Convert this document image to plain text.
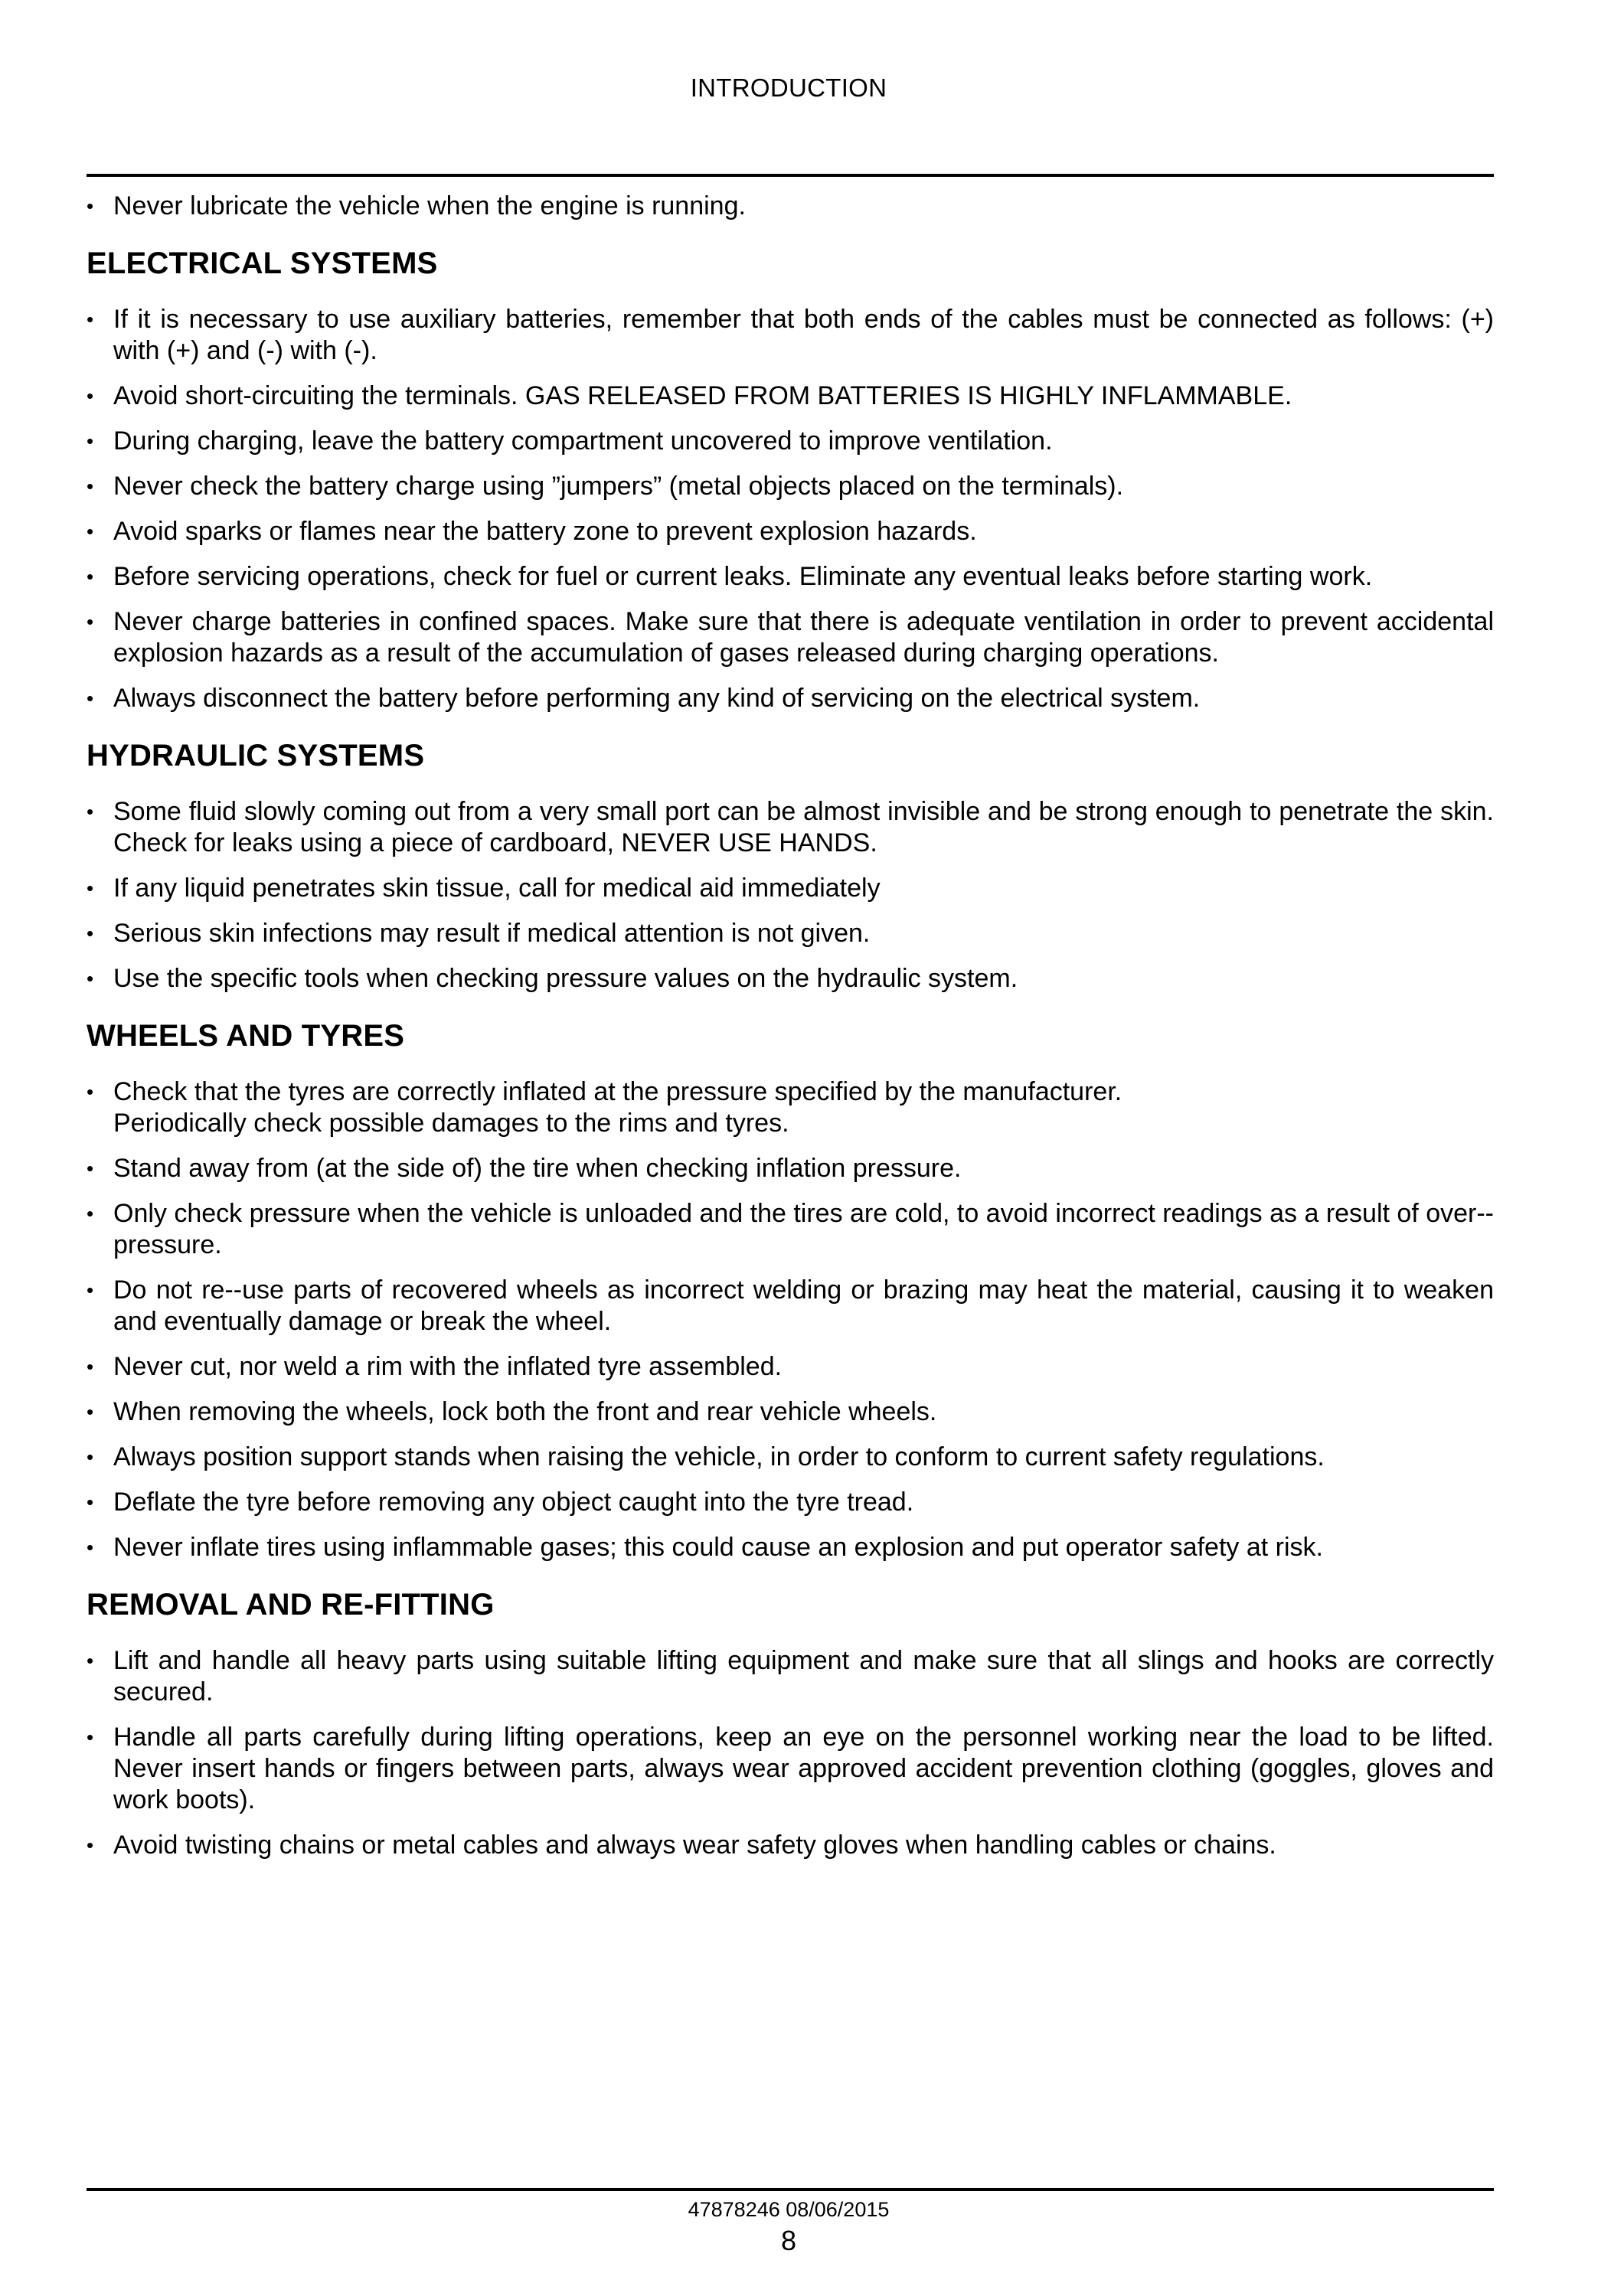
INTRODUCTION
• Never lubricate the vehicle when the engine is running.
ELECTRICAL SYSTEMS
• If it is necessary to use auxiliary batteries, remember that both ends of the cables must be connected as follows: (+) with (+) and (-) with (-).
• Avoid short-circuiting the terminals. GAS RELEASED FROM BATTERIES IS HIGHLY INFLAMMABLE.
• During charging, leave the battery compartment uncovered to improve ventilation.
• Never check the battery charge using ”jumpers” (metal objects placed on the terminals).
• Avoid sparks or flames near the battery zone to prevent explosion hazards.
• Before servicing operations, check for fuel or current leaks. Eliminate any eventual leaks before starting work.
• Never charge batteries in confined spaces. Make sure that there is adequate ventilation in order to prevent accidental explosion hazards as a result of the accumulation of gases released during charging operations.
• Always disconnect the battery before performing any kind of servicing on the electrical system.
HYDRAULIC SYSTEMS
• Some fluid slowly coming out from a very small port can be almost invisible and be strong enough to penetrate the skin. Check for leaks using a piece of cardboard, NEVER USE HANDS.
• If any liquid penetrates skin tissue, call for medical aid immediately
• Serious skin infections may result if medical attention is not given.
• Use the specific tools when checking pressure values on the hydraulic system.
WHEELS AND TYRES
• Check that the tyres are correctly inflated at the pressure specified by the manufacturer.
Periodically check possible damages to the rims and tyres.
• Stand away from (at the side of) the tire when checking inflation pressure.
• Only check pressure when the vehicle is unloaded and the tires are cold, to avoid incorrect readings as a result of over--pressure.
• Do not re--use parts of recovered wheels as incorrect welding or brazing may heat the material, causing it to weaken and eventually damage or break the wheel.
• Never cut, nor weld a rim with the inflated tyre assembled.
• When removing the wheels, lock both the front and rear vehicle wheels.
• Always position support stands when raising the vehicle, in order to conform to current safety regulations.
• Deflate the tyre before removing any object caught into the tyre tread.
• Never inflate tires using inflammable gases; this could cause an explosion and put operator safety at risk.
REMOVAL AND RE-FITTING
• Lift and handle all heavy parts using suitable lifting equipment and make sure that all slings and hooks are correctly secured.
• Handle all parts carefully during lifting operations, keep an eye on the personnel working near the load to be lifted. Never insert hands or fingers between parts, always wear approved accident prevention clothing (goggles, gloves and work boots).
• Avoid twisting chains or metal cables and always wear safety gloves when handling cables or chains.
47878246 08/06/2015
8
